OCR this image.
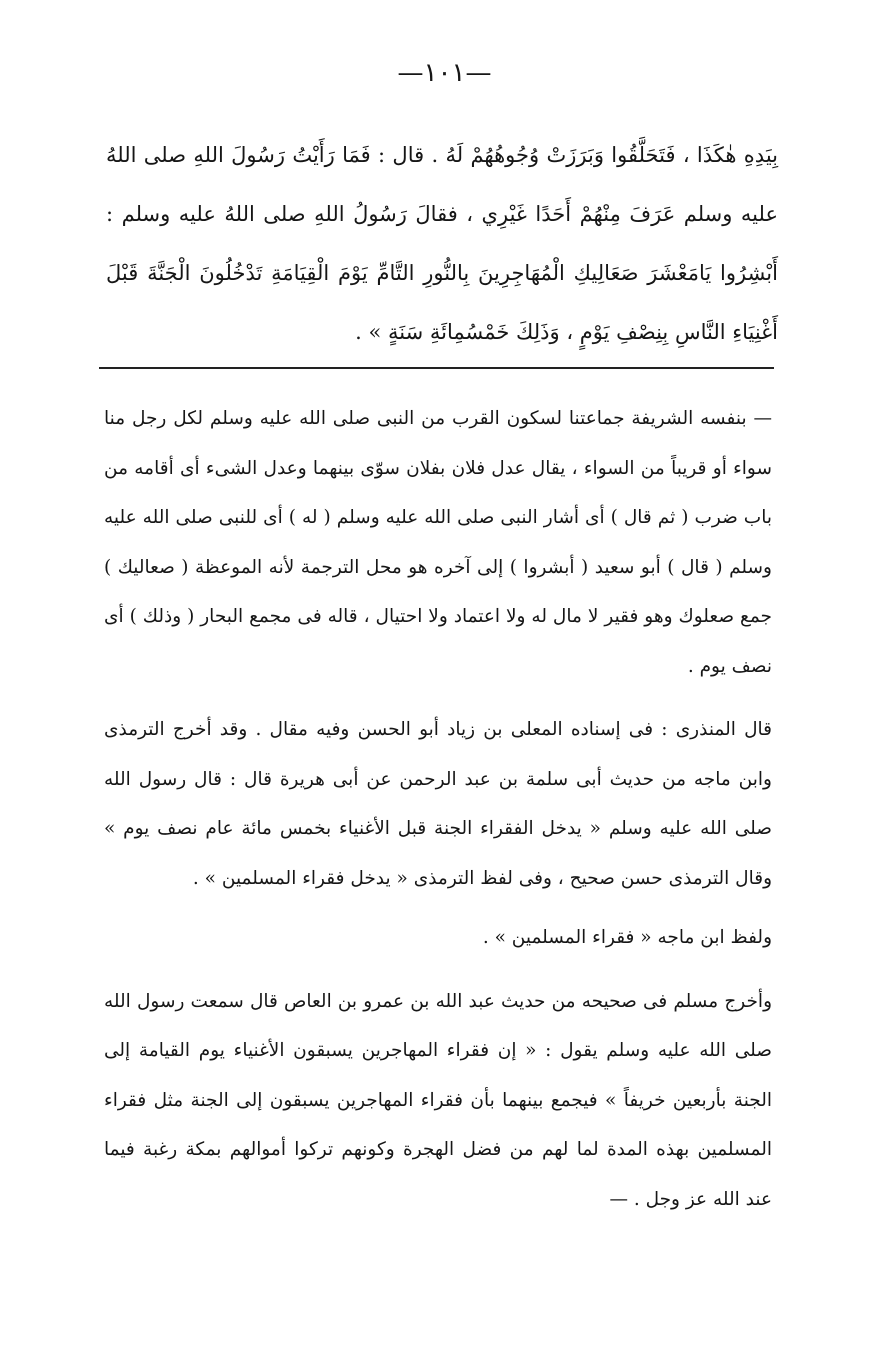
—١٠١—

بِيَدِهِ هٰكَذَا ، فَتَحَلَّقُوا وَبَرَزَتْ وُجُوهُهُمْ لَهُ . قال : فَمَا رَأَيْتُ رَسُولَ اللهِ صلى اللهُ عليه وسلم عَرَفَ مِنْهُمْ أَحَدًا غَيْرِي ، فقالَ رَسُولُ اللهِ صلى اللهُ عليه وسلم : أَبْشِرُوا يَامَعْشَرَ صَعَالِيكِ الْمُهَاجِرِينَ بِالنُّورِ التَّامِّ يَوْمَ الْقِيَامَةِ تَدْخُلُونَ الْجَنَّةَ قَبْلَ أَغْنِيَاءِ النَّاسِ بِنِصْفِ يَوْمٍ ، وَذَلِكَ خَمْسُمِائَةِ سَنَةٍ » .

— بنفسه الشريفة جماعتنا لسكون القرب من النبى صلى الله عليه وسلم لكل رجل منا سواء أو قريباً من السواء ، يقال عدل فلان بفلان سوّى بينهما وعدل الشىء أى أقامه من باب ضرب ( ثم قال ) أى أشار النبى صلى الله عليه وسلم ( له ) أى للنبى صلى الله عليه وسلم ( قال ) أبو سعيد ( أبشروا ) إلى آخره هو محل الترجمة لأنه الموعظة ( صعاليك ) جمع صعلوك وهو فقير لا مال له ولا اعتماد ولا احتيال ، قاله فى مجمع البحار ( وذلك ) أى نصف يوم .

قال المنذرى : فى إسناده المعلى بن زياد أبو الحسن وفيه مقال . وقد أخرج الترمذى وابن ماجه من حديث أبى سلمة بن عبد الرحمن عن أبى هريرة قال : قال رسول الله صلى الله عليه وسلم « يدخل الفقراء الجنة قبل الأغنياء بخمس مائة عام نصف يوم » وقال الترمذى حسن صحيح ، وفى لفظ الترمذى « يدخل فقراء المسلمين » .

ولفظ ابن ماجه « فقراء المسلمين » .

وأخرج مسلم فى صحيحه من حديث عبد الله بن عمرو بن العاص قال سمعت رسول الله صلى الله عليه وسلم يقول : « إن فقراء المهاجرين يسبقون الأغنياء يوم القيامة إلى الجنة بأربعين خريفاً » فيجمع بينهما بأن فقراء المهاجرين يسبقون إلى الجنة مثل فقراء المسلمين بهذه المدة لما لهم من فضل الهجرة وكونهم تركوا أموالهم بمكة رغبة فيما عند الله عز وجل . —
